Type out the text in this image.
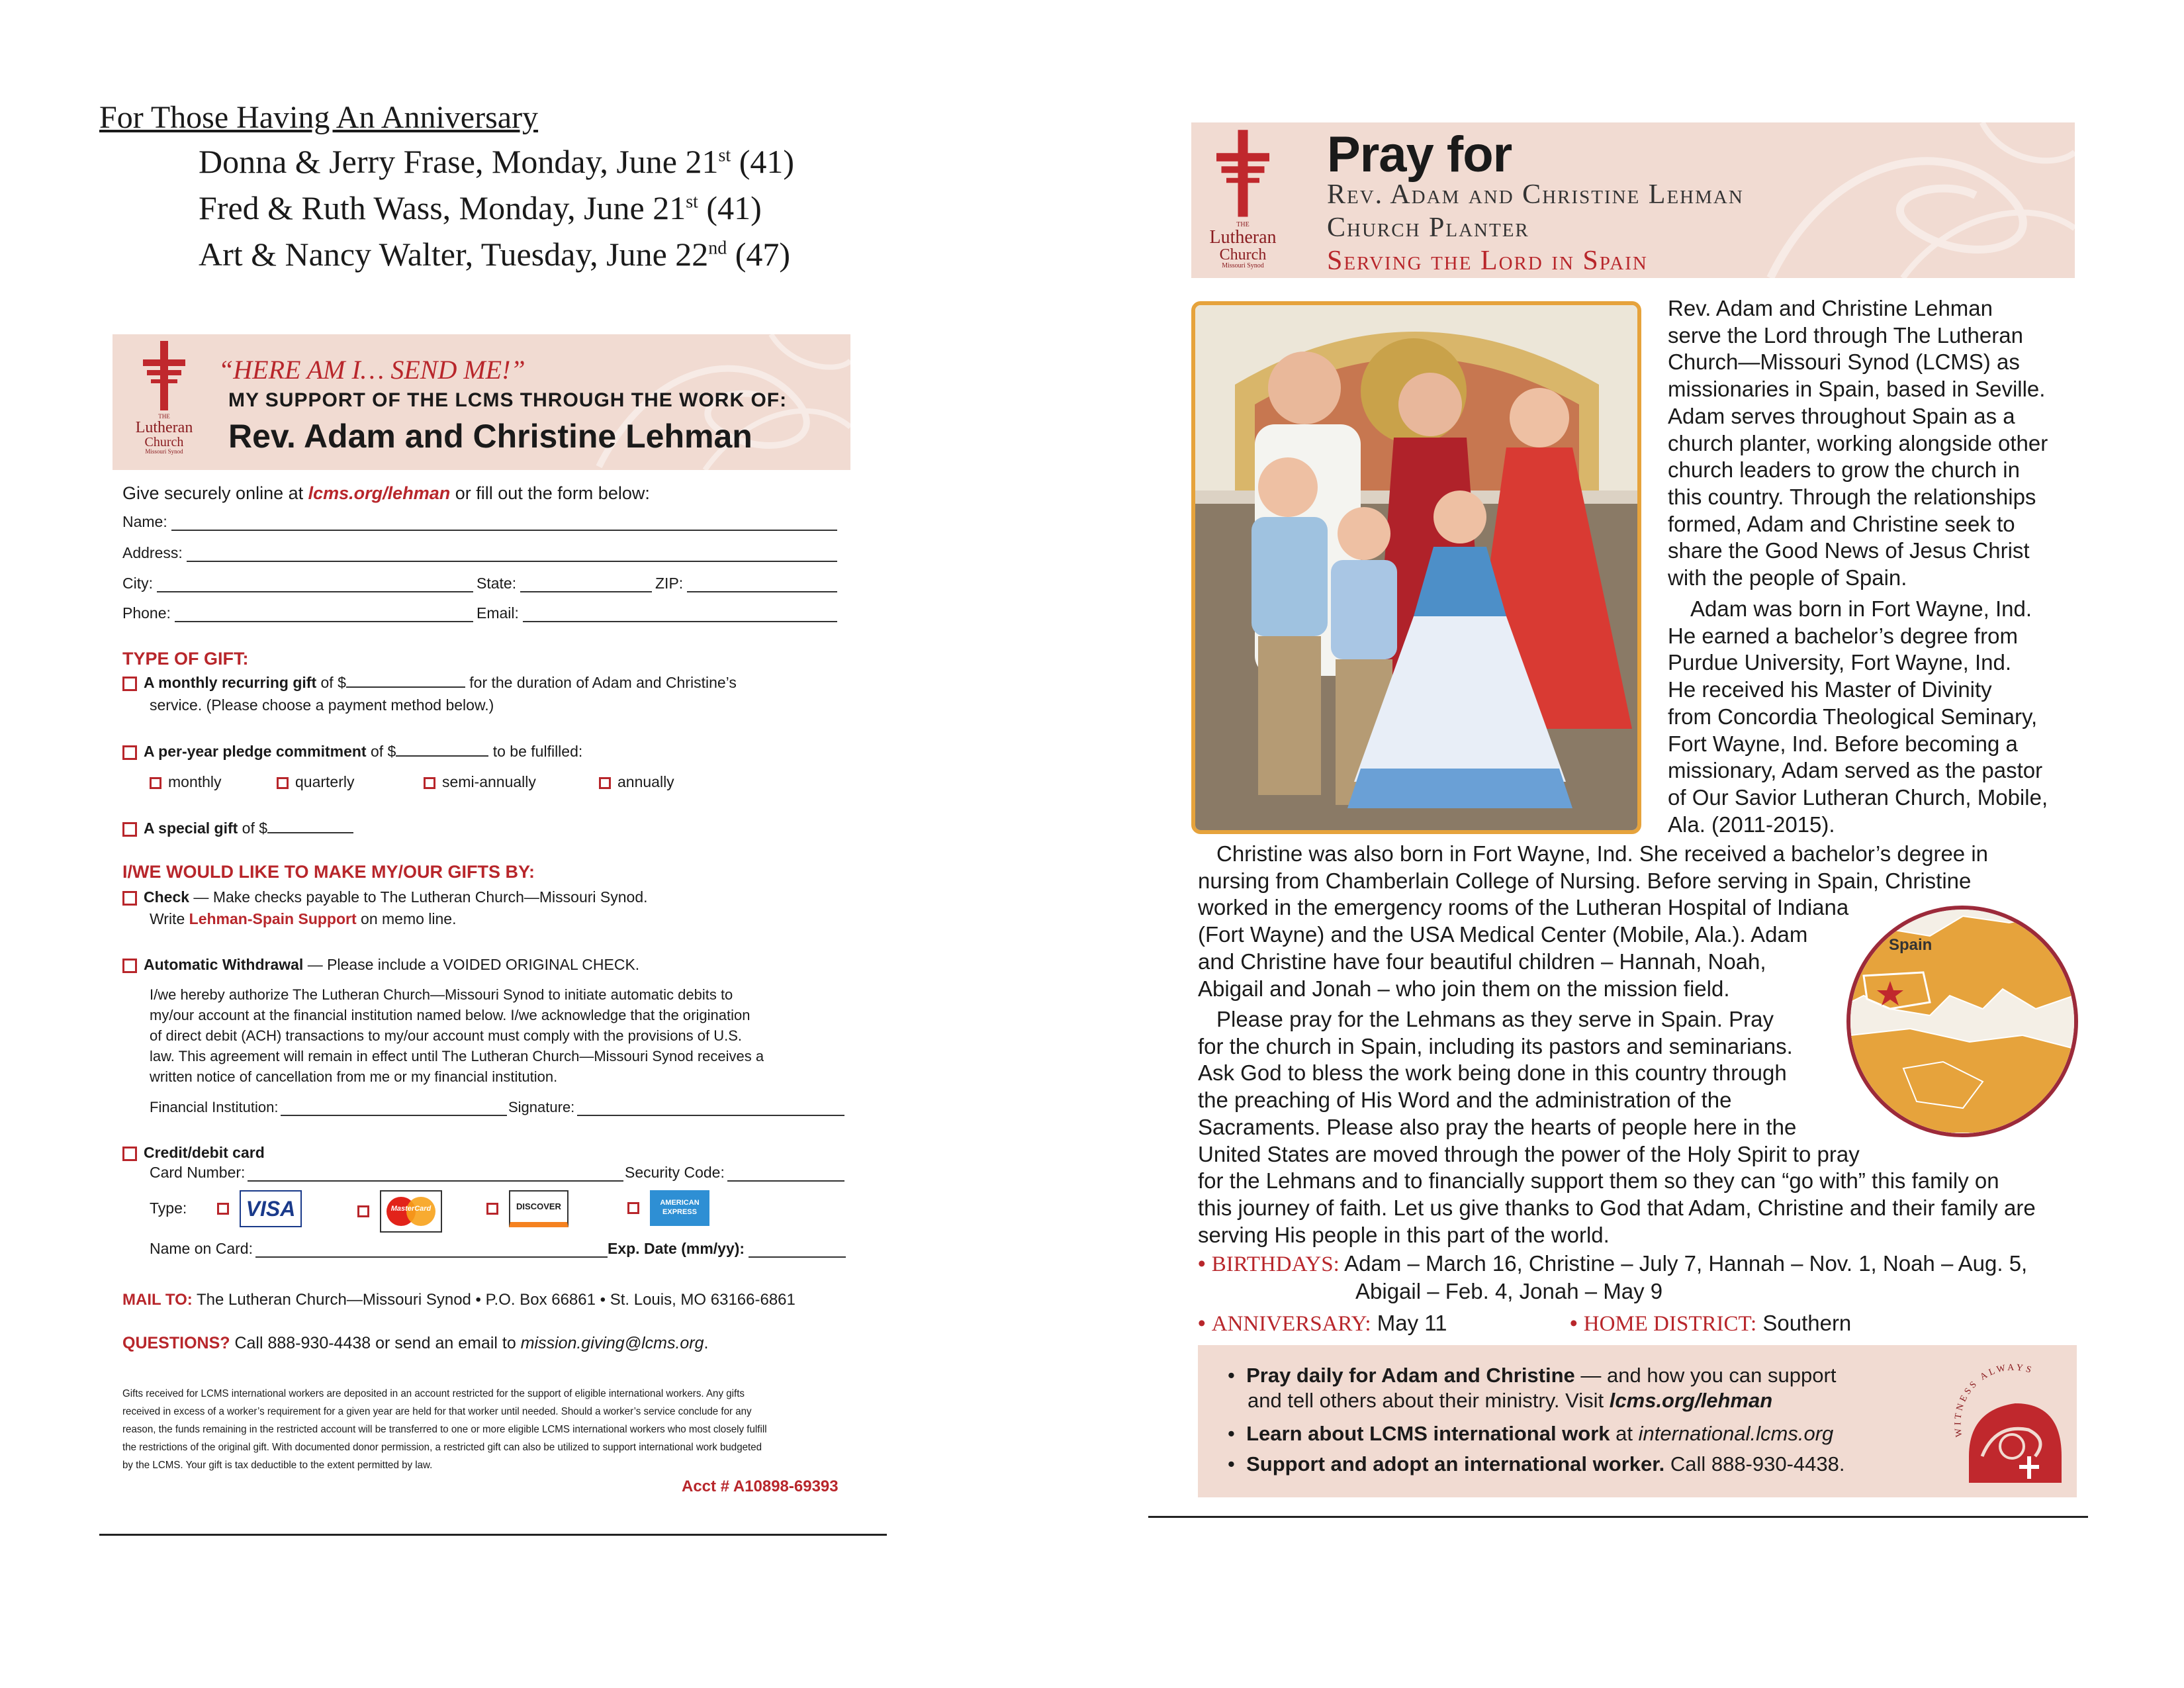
For Those Having An Anniversary
Donna & Jerry Frase, Monday, June 21st (41)
Fred & Ruth Wass, Monday, June 21st (41)
Art & Nancy Walter, Tuesday, June 22nd (47)
THE
Lutheran
Church
Missouri Synod
“HERE AM I… SEND ME!”
MY SUPPORT OF THE LCMS THROUGH THE WORK OF:
Rev. Adam and Christine Lehman
Give securely online at lcms.org/lehman or fill out the form below:
Name:
Address:
City:	State:	ZIP:
Phone:	Email:
TYPE OF GIFT:
A monthly recurring gift of $	for the duration of Adam and Christine’s
service. (Please choose a payment method below.)
A per-year pledge commitment of $	to be fulfilled:
monthly	quarterly	semi-annually	annually
A special gift of $
I/WE WOULD LIKE TO MAKE MY/OUR GIFTS BY:
Check — Make checks payable to The Lutheran Church—Missouri Synod.
Write Lehman-Spain Support on memo line.
Automatic Withdrawal — Please include a VOIDED ORIGINAL CHECK.
I/we hereby authorize The Lutheran Church—Missouri Synod to initiate automatic debits to
my/our account at the financial institution named below. I/we acknowledge that the origination
of direct debit (ACH) transactions to my/our account must comply with the provisions of U.S.
law. This agreement will remain in effect until The Lutheran Church—Missouri Synod receives a
written notice of cancellation from me or my financial institution.
Financial Institution:	Signature:
Credit/debit card
Card Number:	Security Code:
Type:	VISA	MasterCard	DISCOVER	AMERICAN EXPRESS
Name on Card:	Exp. Date (mm/yy):
MAIL TO: The Lutheran Church—Missouri Synod • P.O. Box 66861 • St. Louis, MO 63166-6861
QUESTIONS? Call 888-930-4438 or send an email to mission.giving@lcms.org.
Gifts received for LCMS international workers are deposited in an account restricted for the support of eligible international workers. Any gifts
received in excess of a worker’s requirement for a given year are held for that worker until needed. Should a worker’s service conclude for any
reason, the funds remaining in the restricted account will be transferred to one or more eligible LCMS international workers who most closely fulfill
the restrictions of the original gift. With documented donor permission, a restricted gift can also be utilized to support international work budgeted
by the LCMS. Your gift is tax deductible to the extent permitted by law.
Acct # A10898-69393
THE
Lutheran
Church
Missouri Synod
Pray for
Rev. Adam and Christine Lehman
Church Planter
Serving the Lord in Spain
Rev. Adam and Christine Lehman
serve the Lord through The Lutheran
Church—Missouri Synod (LCMS) as
missionaries in Spain, based in Seville.
Adam serves throughout Spain as a
church planter, working alongside other
church leaders to grow the church in
this country. Through the relationships
formed, Adam and Christine seek to
share the Good News of Jesus Christ
with the people of Spain.
Adam was born in Fort Wayne, Ind.
He earned a bachelor’s degree from
Purdue University, Fort Wayne, Ind.
He received his Master of Divinity
from Concordia Theological Seminary,
Fort Wayne, Ind. Before becoming a
missionary, Adam served as the pastor
of Our Savior Lutheran Church, Mobile,
Ala. (2011-2015).
Christine was also born in Fort Wayne, Ind. She received a bachelor’s degree in
nursing from Chamberlain College of Nursing. Before serving in Spain, Christine
worked in the emergency rooms of the Lutheran Hospital of Indiana
(Fort Wayne) and the USA Medical Center (Mobile, Ala.). Adam
and Christine have four beautiful children – Hannah, Noah,
Abigail and Jonah – who join them on the mission field.
Spain
Please pray for the Lehmans as they serve in Spain. Pray
for the church in Spain, including its pastors and seminarians.
Ask God to bless the work being done in this country through
the preaching of His Word and the administration of the
Sacraments. Please also pray the hearts of people here in the
United States are moved through the power of the Holy Spirit to pray
for the Lehmans and to financially support them so they can “go with” this family on
this journey of faith. Let us give thanks to God that Adam, Christine and their family are
serving His people in this part of the world.
• BIRTHDAYS: Adam – March 16, Christine – July 7, Hannah – Nov. 1, Noah – Aug. 5,
Abigail – Feb. 4, Jonah – May 9
• ANNIVERSARY: May 11	• HOME DISTRICT: Southern
•  Pray daily for Adam and Christine — and how you can support
and tell others about their ministry. Visit lcms.org/lehman
•  Learn about LCMS international work at international.lcms.org
•  Support and adopt an international worker. Call 888-930-4438.
WITNESS ALWAYS
